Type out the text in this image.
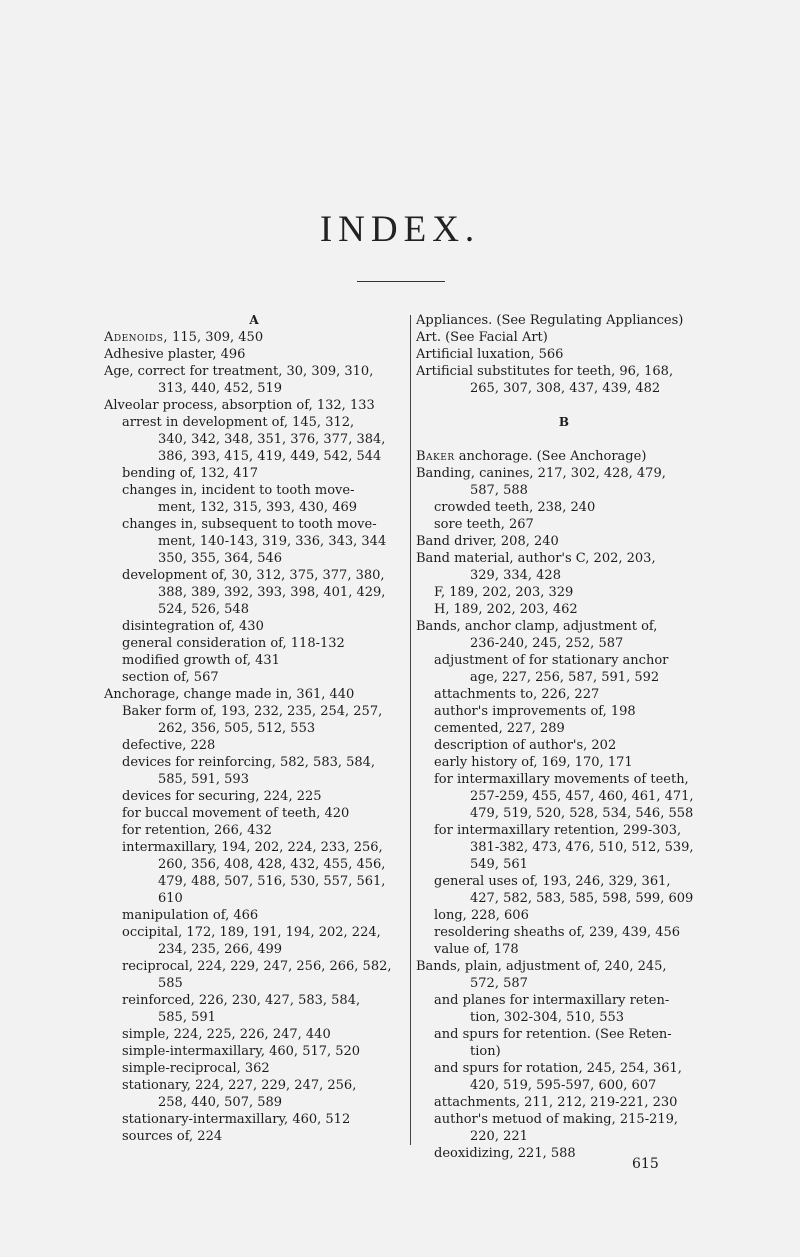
INDEX.
A
Adenoids, 115, 309, 450
Adhesive plaster, 496
Age, correct for treatment, 30, 309, 310,
313, 440, 452, 519
Alveolar process, absorption of, 132, 133
arrest in development of, 145, 312,
340, 342, 348, 351, 376, 377, 384,
386, 393, 415, 419, 449, 542, 544
bending of, 132, 417
changes in, incident to tooth move-
ment, 132, 315, 393, 430, 469
changes in, subsequent to tooth move-
ment, 140-143, 319, 336, 343, 344
350, 355, 364, 546
development of, 30, 312, 375, 377, 380,
388, 389, 392, 393, 398, 401, 429,
524, 526, 548
disintegration of, 430
general consideration of, 118-132
modified growth of, 431
section of, 567
Anchorage, change made in, 361, 440
Baker form of, 193, 232, 235, 254, 257,
262, 356, 505, 512, 553
defective, 228
devices for reinforcing, 582, 583, 584,
585, 591, 593
devices for securing, 224, 225
for buccal movement of teeth, 420
for retention, 266, 432
intermaxillary, 194, 202, 224, 233, 256,
260, 356, 408, 428, 432, 455, 456,
479, 488, 507, 516, 530, 557, 561,
610
manipulation of, 466
occipital, 172, 189, 191, 194, 202, 224,
234, 235, 266, 499
reciprocal, 224, 229, 247, 256, 266, 582,
585
reinforced, 226, 230, 427, 583, 584,
585, 591
simple, 224, 225, 226, 247, 440
simple-intermaxillary, 460, 517, 520
simple-reciprocal, 362
stationary, 224, 227, 229, 247, 256,
258, 440, 507, 589
stationary-intermaxillary, 460, 512
sources of, 224
Appliances. (See Regulating Appliances)
Art. (See Facial Art)
Artificial luxation, 566
Artificial substitutes for teeth, 96, 168,
265, 307, 308, 437, 439, 482
B
Baker anchorage. (See Anchorage)
Banding, canines, 217, 302, 428, 479,
587, 588
crowded teeth, 238, 240
sore teeth, 267
Band driver, 208, 240
Band material, author's C, 202, 203,
329, 334, 428
F, 189, 202, 203, 329
H, 189, 202, 203, 462
Bands, anchor clamp, adjustment of,
236-240, 245, 252, 587
adjustment of for stationary anchor
age, 227, 256, 587, 591, 592
attachments to, 226, 227
author's improvements of, 198
cemented, 227, 289
description of author's, 202
early history of, 169, 170, 171
for intermaxillary movements of teeth,
257-259, 455, 457, 460, 461, 471,
479, 519, 520, 528, 534, 546, 558
for intermaxillary retention, 299-303,
381-382, 473, 476, 510, 512, 539,
549, 561
general uses of, 193, 246, 329, 361,
427, 582, 583, 585, 598, 599, 609
long, 228, 606
resoldering sheaths of, 239, 439, 456
value of, 178
Bands, plain, adjustment of, 240, 245,
572, 587
and planes for intermaxillary reten-
tion, 302-304, 510, 553
and spurs for retention. (See Reten-
tion)
and spurs for rotation, 245, 254, 361,
420, 519, 595-597, 600, 607
attachments, 211, 212, 219-221, 230
author's metuod of making, 215-219,
220, 221
deoxidizing, 221, 588
615
